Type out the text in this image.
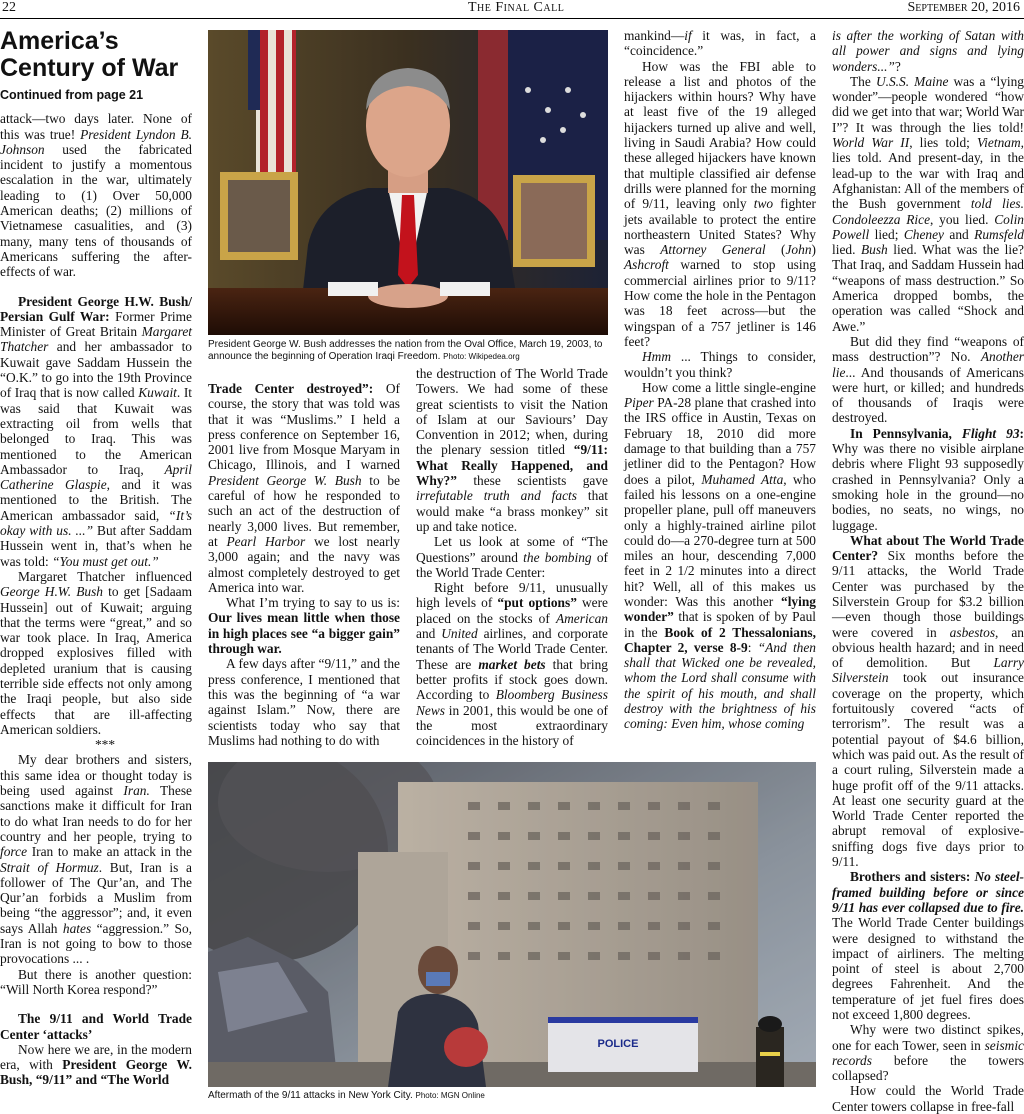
22	The Final Call	September 20, 2016
America’s
Century of War
Continued from page 21

attack—two days later. None of this was true! President Lyndon B. Johnson used the fabricated incident to justify a momentous escalation in the war, ultimately leading to (1) Over 50,000 American deaths; (2) millions of Vietnamese casualities, and (3) many, many tens of thousands of Americans suffering the after-effects of war.

President George H.W. Bush/ Persian Gulf War: Former Prime Minister of Great Britain Margaret Thatcher and her ambassador to Kuwait gave Saddam Hussein the “O.K.” to go into the 19th Province of Iraq that is now called Kuwait. It was said that Kuwait was extracting oil from wells that belonged to Iraq. This was mentioned to the American Ambassador to Iraq, April Catherine Glaspie, and it was mentioned to the British. The American ambassador said, “It’s okay with us. ...” But after Saddam Hussein went in, that’s when he was told: “You must get out.”

Margaret Thatcher influenced George H.W. Bush to get [Sadaam Hussein] out of Kuwait; arguing that the terms were “great,” and so war took place. In Iraq, America dropped explosives filled with depleted uranium that is causing terrible side effects not only among the Iraqi people, but also side effects that are ill-affecting American soldiers.

***

My dear brothers and sisters, this same idea or thought today is being used against Iran. These sanctions make it difficult for Iran to do what Iran needs to do for her country and her people, trying to force Iran to make an attack in the Strait of Hormuz. But, Iran is a follower of The Qur’an, and The Qur’an forbids a Muslim from being “the aggressor”; and, it even says Allah hates “aggression.” So, Iran is not going to bow to those provocations ... .

But there is another question: “Will North Korea respond?”

The 9/11 and World Trade Center ‘attacks’

Now here we are, in the modern era, with President George W. Bush, “9/11” and “The World

President George W. Bush addresses the nation from the Oval Office, March 19, 2003, to announce the beginning of Operation Iraqi Freedom. Photo: Wikipedea.org

Trade Center destroyed”: Of course, the story that was told was that it was “Muslims.” I held a press conference on September 16, 2001 live from Mosque Maryam in Chicago, Illinois, and I warned President George W. Bush to be careful of how he responded to such an act of the destruction of nearly 3,000 lives. But remember, at Pearl Harbor we lost nearly 3,000 again; and the navy was almost completely destroyed to get America into war.

What I’m trying to say to us is: Our lives mean little when those in high places see “a bigger gain” through war.

A few days after “9/11,” and the press conference, I mentioned that this was the beginning of “a war against Islam.” Now, there are scientists today who say that Muslims had nothing to do with

the destruction of The World Trade Towers. We had some of these great scientists to visit the Nation of Islam at our Saviours’ Day Convention in 2012; when, during the plenary session titled “9/11: What Really Happened, and Why?” these scientists gave irrefutable truth and facts that would make “a brass monkey” sit up and take notice.

Let us look at some of “The Questions” around the bombing of the World Trade Center:

Right before 9/11, unusually high levels of “put options” were placed on the stocks of American and United airlines, and corporate tenants of The World Trade Center. These are market bets that bring better profits if stock goes down. According to Bloomberg Business News in 2001, this would be one of the most extraordinary coincidences in the history of

mankind—if it was, in fact, a “coincidence.”

How was the FBI able to release a list and photos of the hijackers within hours? Why have at least five of the 19 alleged hijackers turned up alive and well, living in Saudi Arabia? How could these alleged hijackers have known that multiple classified air defense drills were planned for the morning of 9/11, leaving only two fighter jets available to protect the entire northeastern United States? Why was Attorney General (John) Ashcroft warned to stop using commercial airlines prior to 9/11? How come the hole in the Pentagon was 18 feet across—but the wingspan of a 757 jetliner is 146 feet?

Hmm ... Things to consider, wouldn’t you think?

How come a little single-engine Piper PA-28 plane that crashed into the IRS office in Austin, Texas on February 18, 2010 did more damage to that building than a 757 jetliner did to the Pentagon? How does a pilot, Muhamed Atta, who failed his lessons on a one-engine propeller plane, pull off maneuvers only a highly-trained airline pilot could do—a 270-degree turn at 500 miles an hour, descending 7,000 feet in 2 1/2 minutes into a direct hit? Well, all of this makes us wonder: Was this another “lying wonder” that is spoken of by Paul in the Book of 2 Thessalonians, Chapter 2, verse 8-9: “And then shall that Wicked one be revealed, whom the Lord shall consume with the spirit of his mouth, and shall destroy with the brightness of his coming: Even him, whose coming

is after the working of Satan with all power and signs and lying wonders...”?

The U.S.S. Maine was a “lying wonder”—people wondered “how did we get into that war; World War I”? It was through the lies told! World War II, lies told; Vietnam, lies told. And present-day, in the lead-up to the war with Iraq and Afghanistan: All of the members of the Bush government told lies. Condoleezza Rice, you lied. Colin Powell lied; Cheney and Rumsfeld lied. Bush lied. What was the lie? That Iraq, and Saddam Hussein had “weapons of mass destruction.” So America dropped bombs, the operation was called “Shock and Awe.”

But did they find “weapons of mass destruction”? No. Another lie... And thousands of Americans were hurt, or killed; and hundreds of thousands of Iraqis were destroyed.

In Pennsylvania, Flight 93: Why was there no visible airplane debris where Flight 93 supposedly crashed in Pennsylvania? Only a smoking hole in the ground—no bodies, no seats, no wings, no luggage.

What about The World Trade Center? Six months before the 9/11 attacks, the World Trade Center was purchased by the Silverstein Group for $3.2 billion—even though those buildings were covered in asbestos, an obvious health hazard; and in need of demolition. But Larry Silverstein took out insurance coverage on the property, which fortuitously covered “acts of terrorism”. The result was a potential payout of $4.6 billion, which was paid out. As the result of a court ruling, Silverstein made a huge profit off of the 9/11 attacks. At least one security guard at the World Trade Center reported the abrupt removal of explosive-sniffing dogs five days prior to 9/11.

Brothers and sisters: No steel-framed building before or since 9/11 has ever collapsed due to fire. The World Trade Center buildings were designed to withstand the impact of airliners. The melting point of steel is about 2,700 degrees Fahrenheit. And the temperature of jet fuel fires does not exceed 1,800 degrees.

Why were two distinct spikes, one for each Tower, seen in seismic records before the towers collapsed?

How could the World Trade Center towers collapse in free-fall

POLICE
Aftermath of the 9/11 attacks in New York City. Photo: MGN Online
